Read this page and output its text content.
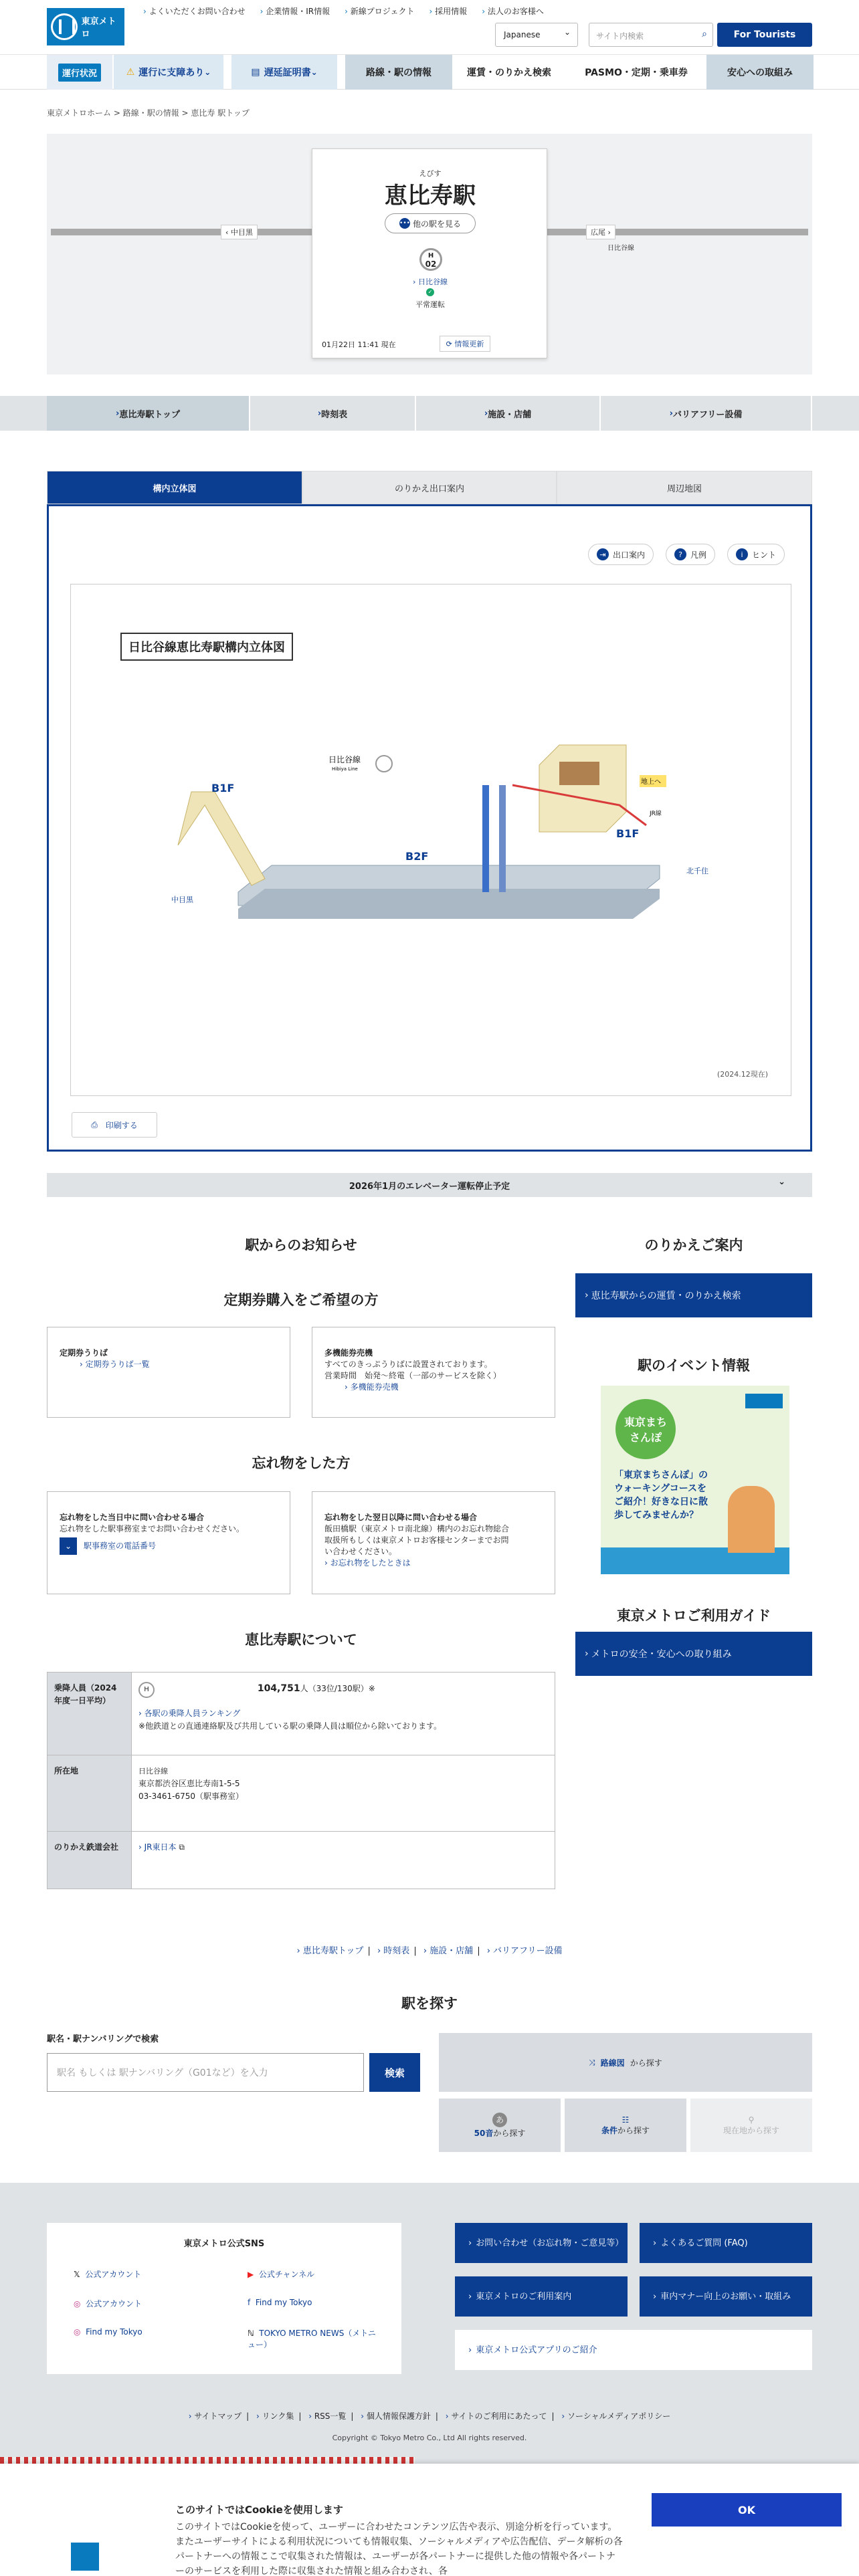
東京メトロ
› よくいただくお問い合わせ	› 企業情報・IR情報	› 新線プロジェクト	› 採用情報	› 法人のお客様へ
Japanese ⌄	サイト内検索	⌕	For Tourists
運行状況	⚠ 運行に支障あり
⌄	▤ 遅延証明書
⌄	路線・駅の情報	運賃・のりかえ検索	PASMO・定期・乗車券	安心への取組み
東京メトロホーム > 路線・駅の情報 > 恵比寿 駅トップ
‹ 中目黒	広尾 ›
日比谷線
えびす
恵比寿駅
••• 他の駅を見る
H
02
› 日比谷線
✓
平常運転
01月22日 11:41 現在	⟳ 情報更新
› 恵比寿駅トップ	› 時刻表	› 施設・店舗	› バリアフリー設備
構内立体図	のりかえ出口案内	周辺地図
⇥ 出口案内	?	凡例	i	ヒント
日比谷線恵比寿駅構内立体図
地上へ
B1F
B1F
B2F
中目黒
北千住
日比谷線
Hibiya Line
JR線
(2024.12現在)
⎙ 印刷する
2026年1月のエレベーター運転停止予定 ⌄
駅からのお知らせ
定期券購入をご希望の方
定期券うりば
› 定期券うりば一覧
多機能券売機
すべてのきっぷうりばに設置されております。
営業時間　始発～終電（一部のサービスを除く）
› 多機能券売機
忘れ物をした方
忘れ物をした当日中に問い合わせる場合
忘れ物をした駅事務室までお問い合わせください。
⌄ 駅事務室の電話番号
忘れ物をした翌日以降に問い合わせる場合
飯田橋駅（東京メトロ南北線）構内のお忘れ物総合
取扱所もしくは東京メトロお客様センターまでお問
い合わせください。
› お忘れ物をしたときは
のりかえご案内
› 恵比寿駅からの運賃・のりかえ検索
駅のイベント情報
東京まちさんぽ
「東京まちさんぽ」のウォーキングコースをご紹介！好きな日に散歩してみませんか？
東京メトロご利用ガイド
› メトロの安全・安心への取り組み
恵比寿駅について
乗降人員（2024年度一日平均）	H 104,751人（33位/130駅）※
› 各駅の乗降人員ランキング
※他鉄道との直通連絡駅及び共用している駅の乗降人員は順位から除いております。

所在地	日比谷線
東京都渋谷区恵比寿南1-5-5
03-3461-6750（駅事務室）

のりかえ鉄道会社	› JR東日本 ⧉
› 恵比寿駅トップ | › 時刻表 | › 施設・店舗 | › バリアフリー設備
駅を探す
駅名・駅ナンバリングで検索
駅名 もしくは 駅ナンバリング（G01など）を入力	検索
⤨ 路線図 から探す
あ
50音から探す
☷
条件から探す
⚲
現在地から探す
東京メトロ公式SNS
𝕏 公式アカウント	▶ 公式チャンネル
◎ 公式アカウント	f Find my Tokyo
◎ Find my Tokyo	ℕ TOKYO METRO NEWS（メトニュー）
› お問い合わせ（お忘れ物・ご意見等）	› よくあるご質問 (FAQ)
› 東京メトロのご利用案内	› 車内マナー向上のお願い・取組み
› 東京メトロ公式アプリのご紹介
› サイトマップ | › リンク集 | › RSS一覧 | › 個人情報保護方針 | › サイトのご利用にあたって | › ソーシャルメディアポリシー
Copyright © Tokyo Metro Co., Ltd All rights reserved.
このサイトではCookieを使用します
このサイトではCookieを使って、ユーザーに合わせたコンテンツ広告や表示、別途分析を行っています。またユーザーサイトによる利用状況についても情報収集、ソーシャルメディアや広告配信、データ解析の各パートナーへの情報ここで収集された情報は、ユーザーが各パートナーに提供した他の情報や各パートナーのサービスを利用した際に収集された情報と組み合わされ、各
OK
